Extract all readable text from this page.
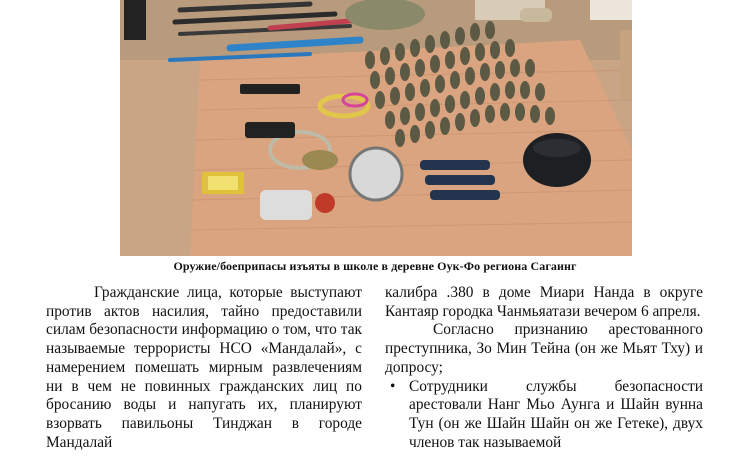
Оружие/боеприпасы изъяты в школе в деревне Оук-Фо региона Сагаинг

Гражданские лица, которые выступают против актов насилия, тайно предоставили силам безопасности информацию о том, что так называемые террористы НСО «Мандалай», с намерением помешать мирным развлечениям ни в чем не повинных гражданских лиц по бросанию воды и напугать их, планируют взорвать павильоны Тинджан в городе Мандалай

калибра .380 в доме Миари Нанда в округе Кантаяр городка Чанмьяатази вечером 6 апреля.

Согласно признанию арестованного преступника, Зо Мин Тейна (он же Мьят Тху) и допросу;

• Сотрудники службы безопасности арестовали Нанг Мьо Аунга и Шайн вунна Тун (он же Шайн Шайн он же Гетеке), двух членов так называемой
